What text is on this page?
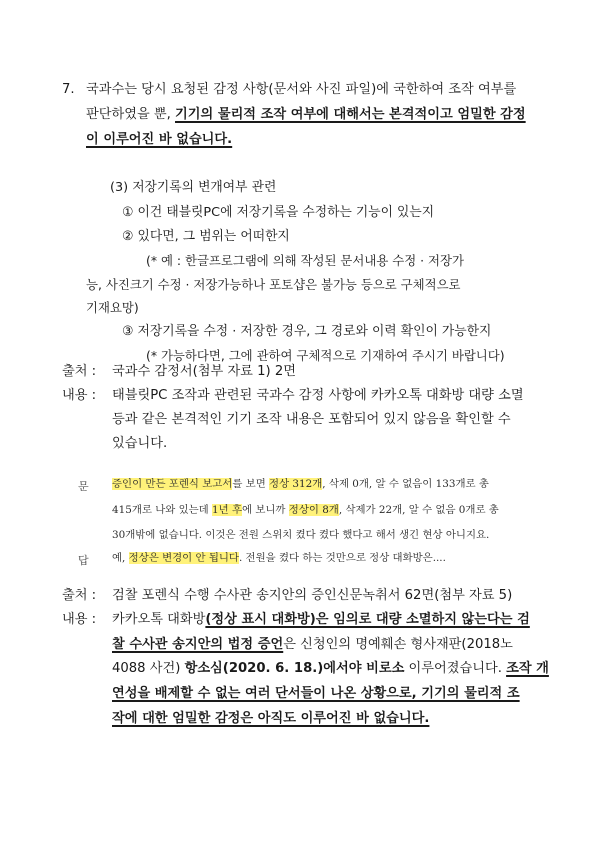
7. 국과수는 당시 요청된 감정 사항(문서와 사진 파일)에 국한하여 조작 여부를
판단하였을 뿐, 기기의 물리적 조작 여부에 대해서는 본격적이고 엄밀한 감정
이 이루어진 바 없습니다.
(3) 저장기록의 변개여부 관련
① 이건 태블릿PC에 저장기록을 수정하는 기능이 있는지
② 있다면, 그 범위는 어떠한지
(* 예 : 한글프로그램에 의해 작성된 문서내용 수정 · 저장가
능, 사진크기 수정 · 저장가능하나 포토샵은 불가능 등으로 구체적으로
기재요망)
③ 저장기록을 수정 · 저장한 경우, 그 경로와 이력 확인이 가능한지
(* 가능하다면, 그에 관하여 구체적으로 기재하여 주시기 바랍니다)
출처 : 국과수 감정서(첨부 자료 1) 2면
내용 : 태블릿PC 조작과 관련된 국과수 감정 사항에 카카오톡 대화방 대량 소멸
등과 같은 본격적인 기기 조작 내용은 포함되어 있지 않음을 확인할 수
있습니다.
문 증인이 만든 포렌식 보고서를 보면 정상 312개, 삭제 0개, 알 수 없음이 133개로 총
415개로 나와 있는데 1년 후에 보니까 정상이 8개, 삭제가 22개, 알 수 없음 0개로 총
30개밖에 없습니다. 이것은 전원 스위치 켰다 켰다 했다고 해서 생긴 현상 아니지요.
답 예, 정상은 변경이 안 됩니다. 전원을 켰다 하는 것만으로 정상 대화방은....
출처 : 검찰 포렌식 수행 수사관 송지안의 증인신문녹취서 62면(첨부 자료 5)
내용 : 카카오톡 대화방(정상 표시 대화방)은 임의로 대량 소멸하지 않는다는 검
찰 수사관 송지안의 법정 증언은 신청인의 명예훼손 형사재판(2018노
4088 사건) 항소심(2020. 6. 18.)에서야 비로소 이루어졌습니다. 조작 개
연성을 배제할 수 없는 여러 단서들이 나온 상황으로, 기기의 물리적 조
작에 대한 엄밀한 감정은 아직도 이루어진 바 없습니다.
